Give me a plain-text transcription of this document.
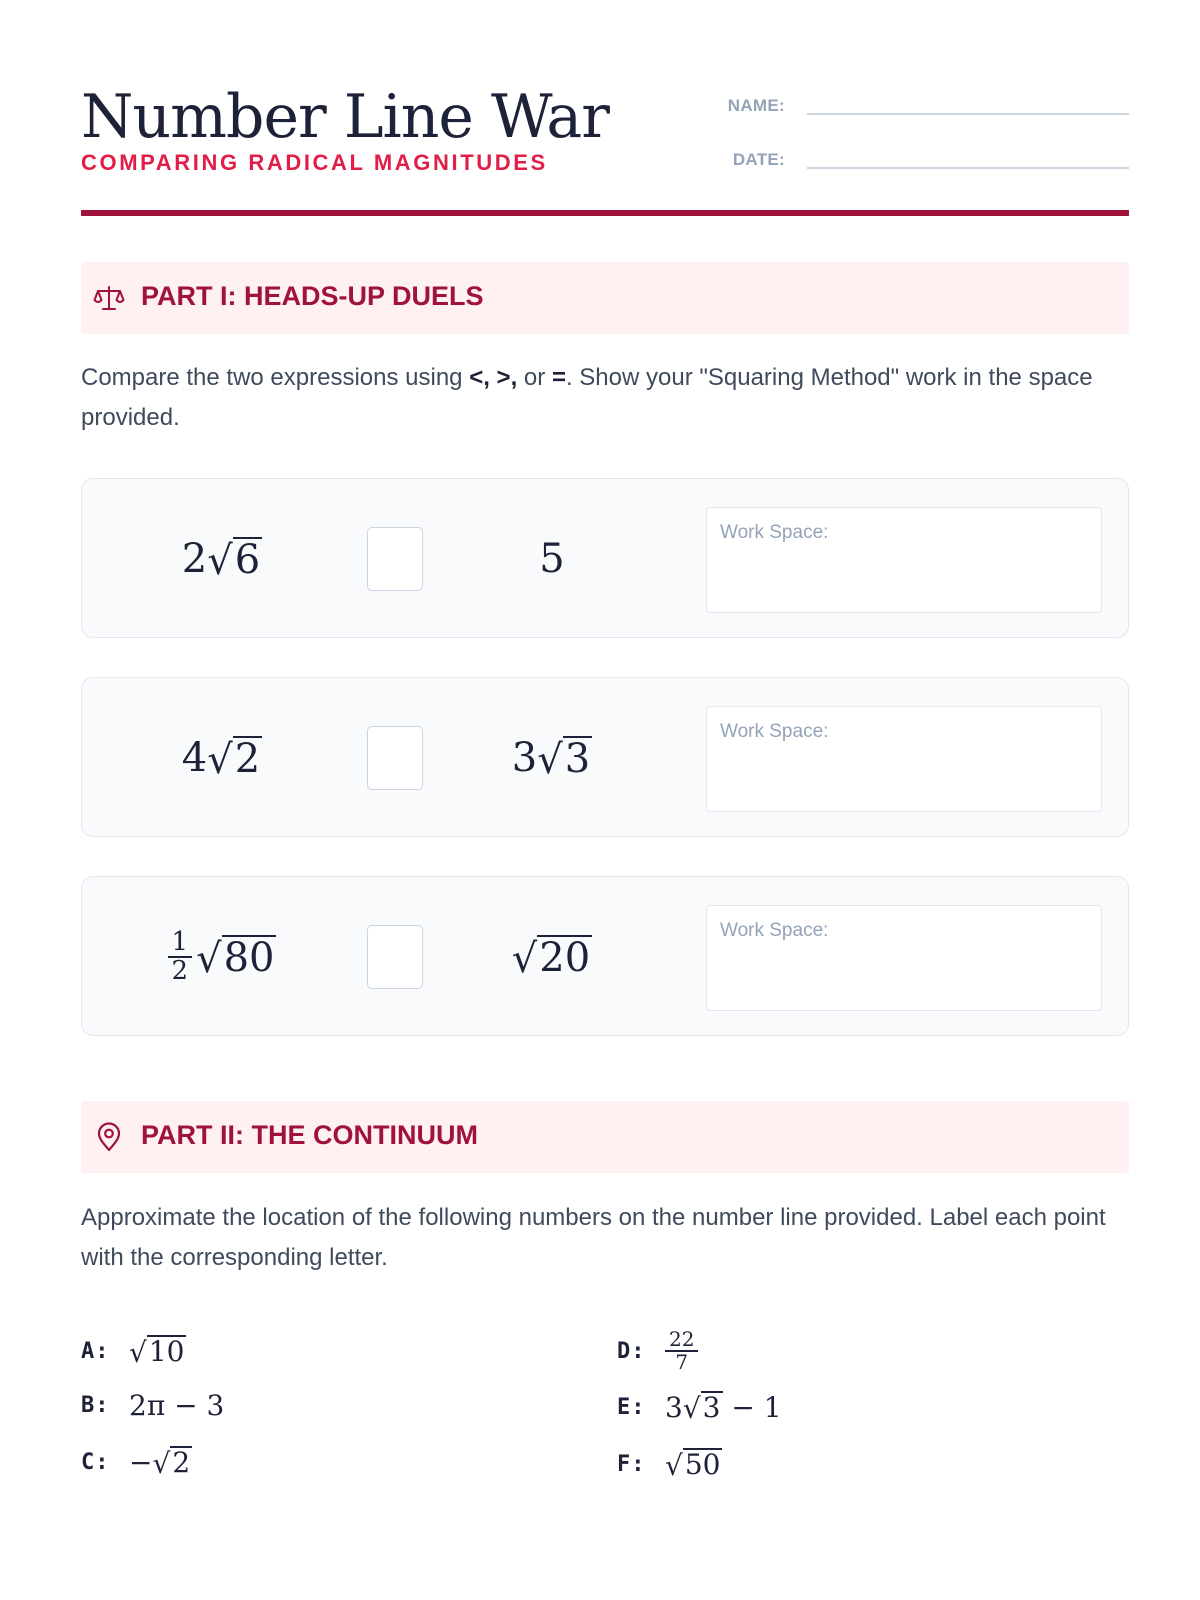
Number Line War
COMPARING RADICAL MAGNITUDES
NAME:
DATE:
PART I: HEADS-UP DUELS
Compare the two expressions using <, >, or =. Show your "Squaring Method" work in the space provided.
2 √ 6	5
Work Space:
4 √ 2	3 √ 3
Work Space:
$\frac{1}{2}$ √ 80	√ 20
Work Space:
PART II: THE CONTINUUM
Approximate the location of the following numbers on the number line provided. Label each point with the corresponding letter.
A: √ 10
B: 2π − 3
C: − √ 2
D: $\frac{22}{7}$
E: 3 √ 3 − 1
F: √ 50
